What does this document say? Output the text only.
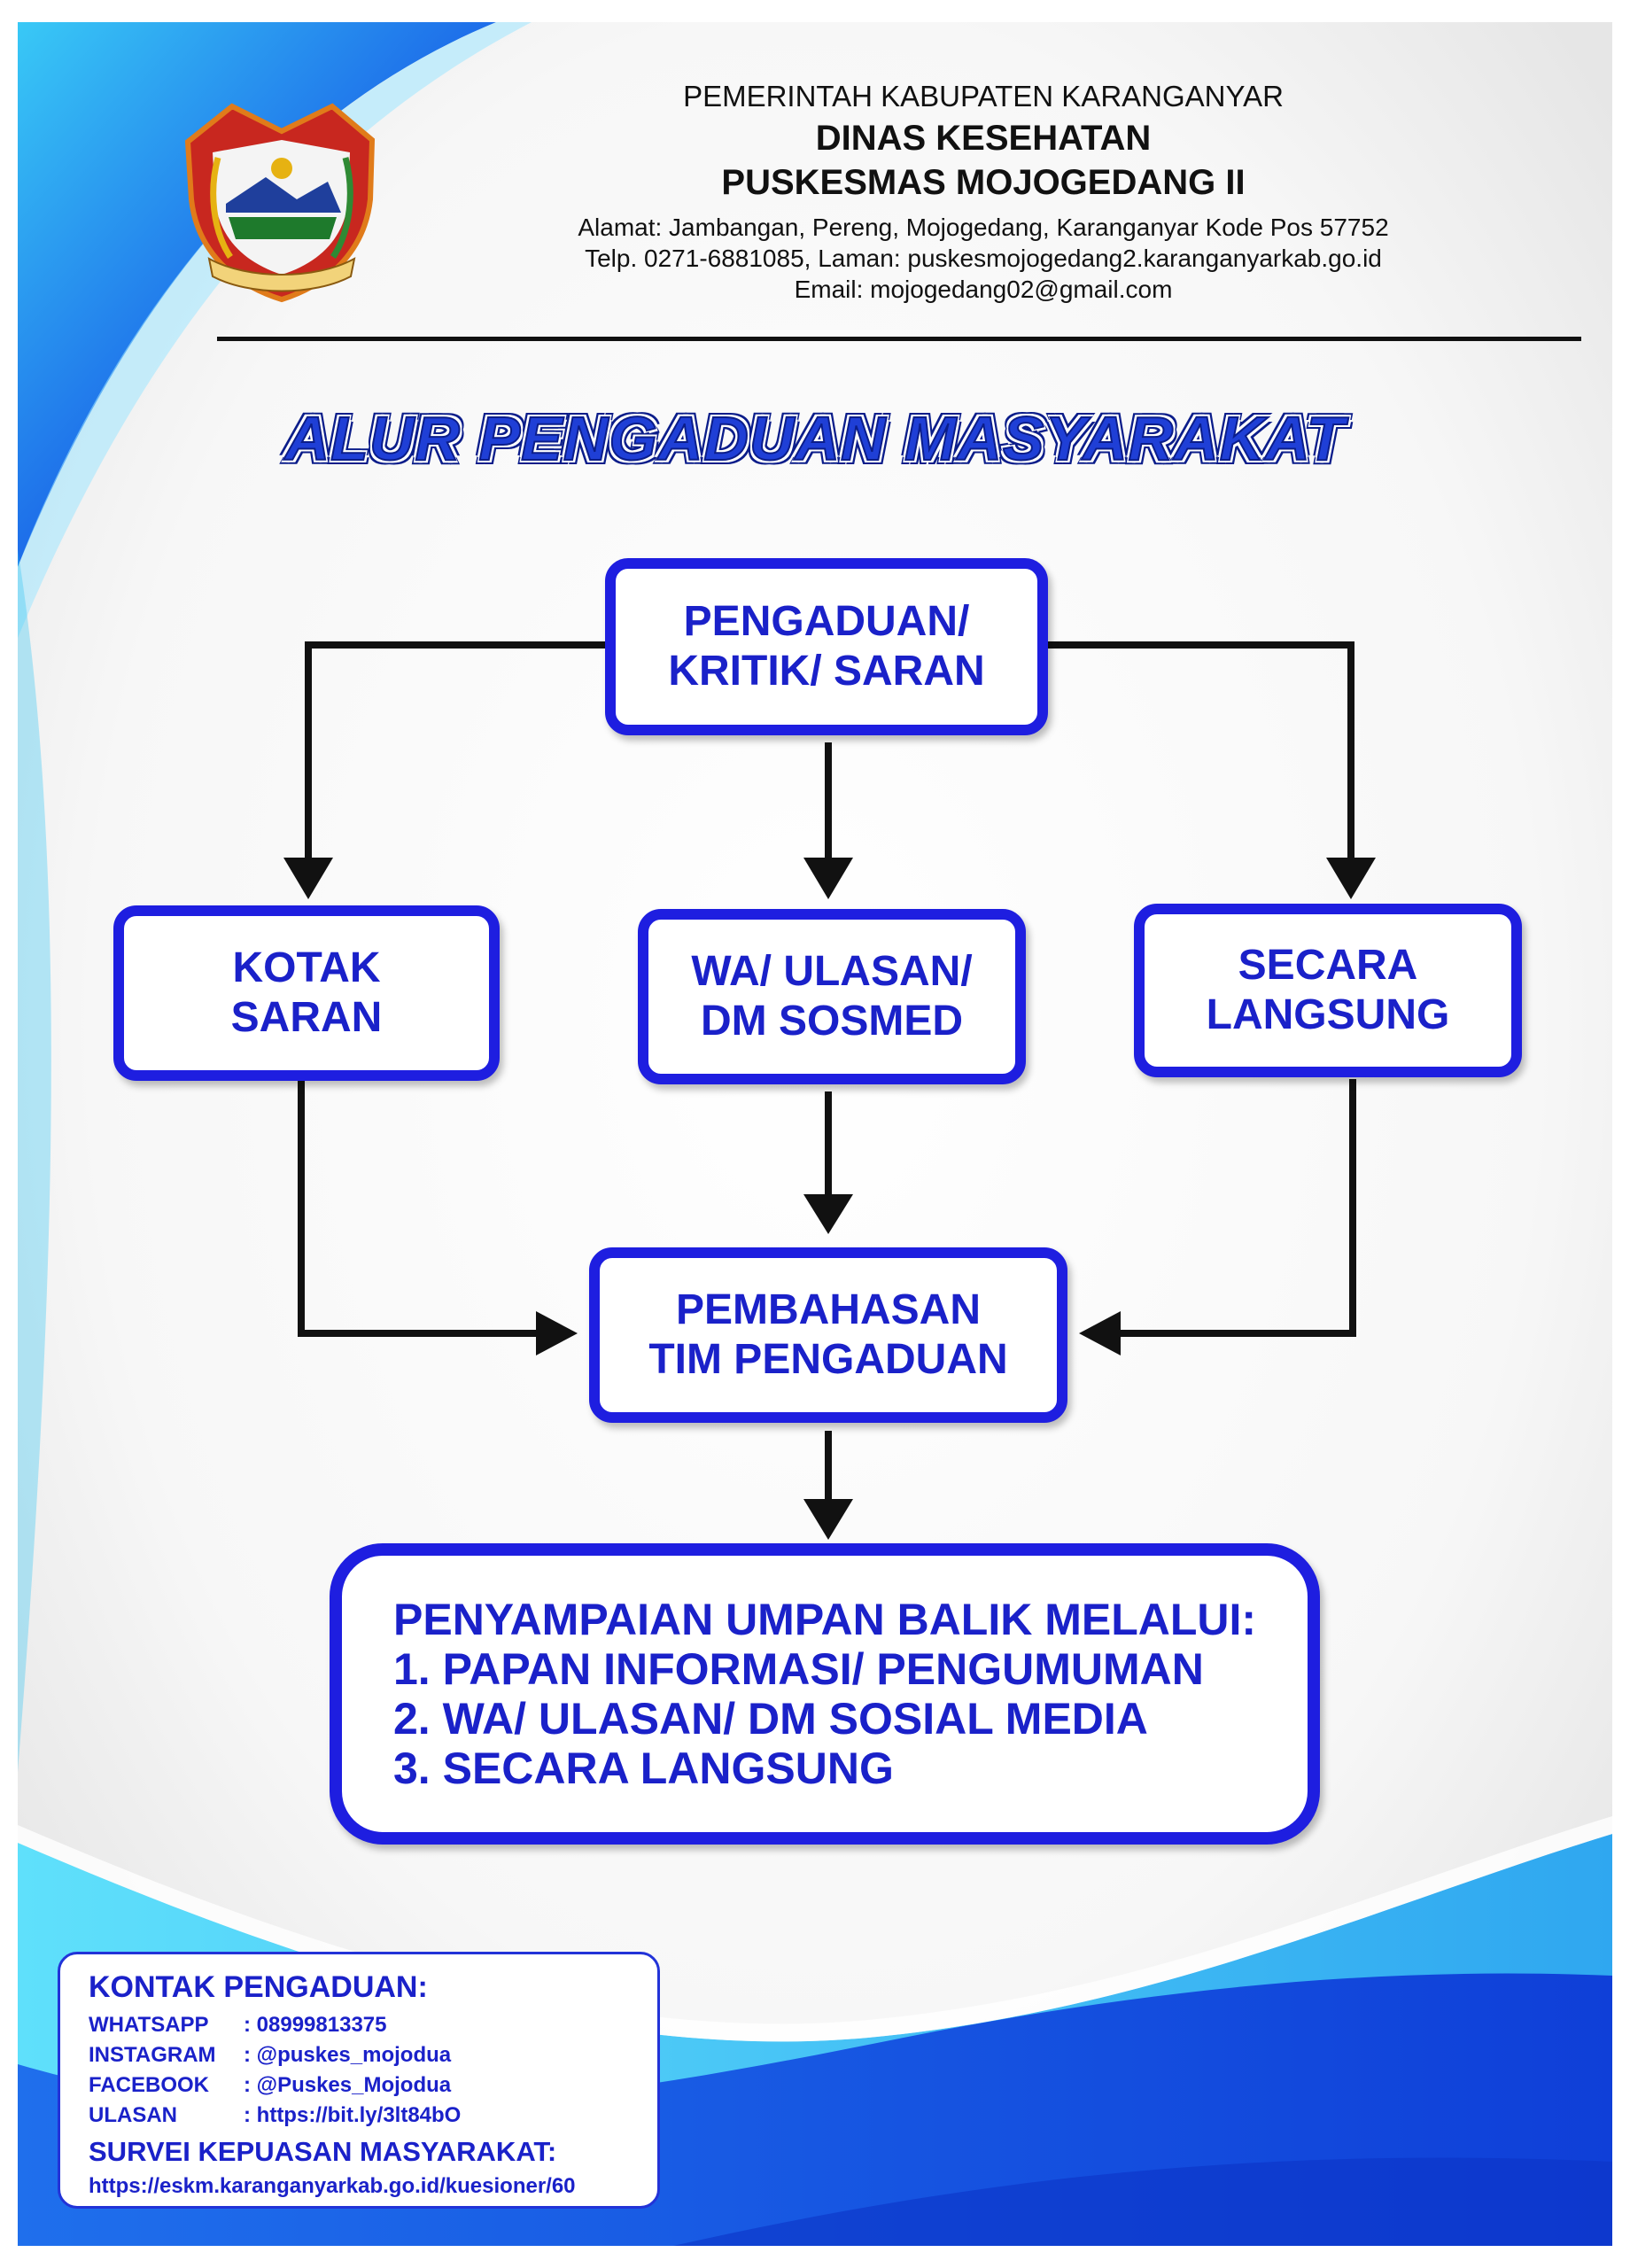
PEMERINTAH KABUPATEN KARANGANYAR
DINAS KESEHATAN
PUSKESMAS MOJOGEDANG II
Alamat: Jambangan, Pereng, Mojogedang, Karanganyar Kode Pos 57752
Telp. 0271-6881085, Laman: puskesmojogedang2.karanganyarkab.go.id
Email: mojogedang02@gmail.com
ALUR PENGADUAN MASYARAKAT
PENGADUAN/
KRITIK/ SARAN
KOTAK
SARAN
WA/ ULASAN/
DM SOSMED
SECARA
LANGSUNG
PEMBAHASAN
TIM PENGADUAN
PENYAMPAIAN UMPAN BALIK MELALUI:
1. PAPAN INFORMASI/ PENGUMUMAN
2. WA/ ULASAN/ DM SOSIAL MEDIA
3. SECARA LANGSUNG
KONTAK PENGADUAN:
WHATSAPP : 08999813375
INSTAGRAM : @puskes_mojodua
FACEBOOK : @Puskes_Mojodua
ULASAN	: https://bit.ly/3lt84bO
SURVEI KEPUASAN MASYARAKAT:
https://eskm.karanganyarkab.go.id/kuesioner/60
